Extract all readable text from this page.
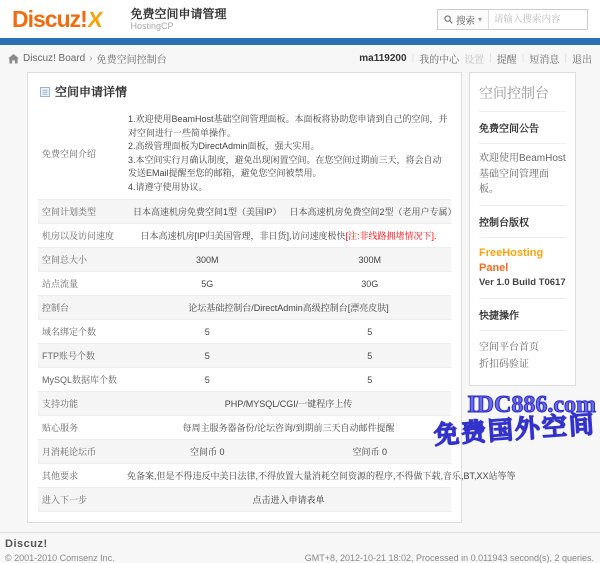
Discuz! X 免费空间申请管理
HostingCP	搜索 ▾
请输入搜索内容
Discuz! Board › 免费空间控制台	ma119200 | 我的中心 设置 | 提醒 | 短消息 | 退出
空间申请详情
免费空间介绍	1.欢迎使用BeamHost基础空间管理面板。本面板将协助您申请到自己的空间，并对空间进行一些简单操作。
2.高级管理面板为DirectAdmin面板，强大实用。
3.本空间实行月确认制度，避免出现闲置空间。在您空间过期前三天，将会自动发送EMail提醒至您的邮箱，避免您空间被禁用。
4.请遵守使用协议。	

空间计划类型	日本高速机房免费空间1型（美国IP）	日本高速机房免费空间2型（老用户专属）
机房以及访问速度	日本高速机房[IP归美国管理，非日货],访问速度极快[注:非线路拥堵情况下].	
空间总大小	300M	300M
站点流量	5G	30G
控制台	论坛基础控制台/DirectAdmin高级控制台[漂亮皮肤]	
域名绑定个数	5	5
FTP账号个数	5	5
MySQL数据库个数	5	5
支持功能	PHP/MYSQL/CGI/一键程序上传	
贴心服务	每周主服务器备份/论坛咨询/到期前三天自动邮件提醒	
月消耗论坛币	空间币 0	空间币 0
其他要求	免备案,但是不得违反中美日法律,不得放置大量消耗空间资源的程序,不得做下载,音乐,BT,XX站等等	
进入下一步	点击进入申请表单	
空间控制台
免费空间公告
欢迎使用BeamHost基础空间管理面板。
控制台版权
FreeHosting Panel
Ver 1.0 Build T0617
快捷操作
空间平台首页
折扣码验证
Discuz!
© 2001-2010 Comsenz Inc.	GMT+8, 2012-10-21 18:02, Processed in 0.011943 second(s), 2 queries.
IDC886.com
免费国外空间
